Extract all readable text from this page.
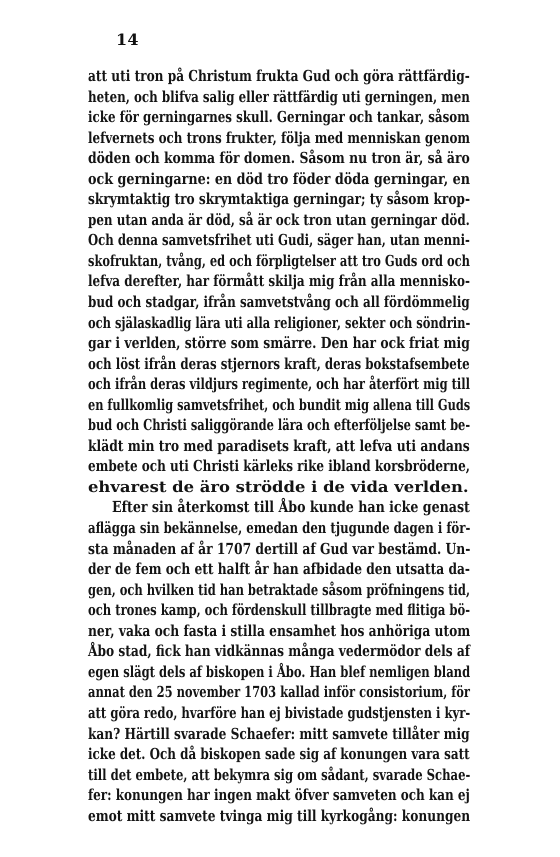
14
att uti tron på Christum frukta Gud och göra rättfärdig-
heten, och blifva salig eller rättfärdig uti gerningen, men
icke för gerningarnes skull. Gerningar och tankar, såsom
lefvernets och trons frukter, följa med menniskan genom
döden och komma för domen. Såsom nu tron är, så äro
ock gerningarne: en död tro föder döda gerningar, en
skrymtaktig tro skrymtaktiga gerningar; ty såsom krop-
pen utan anda är död, så är ock tron utan gerningar död.
Och denna samvetsfrihet uti Gudi, säger han, utan menni-
skofruktan, tvång, ed och förpligtelser att tro Guds ord och
lefva derefter, har förmått skilja mig från alla mennisko-
bud och stadgar, ifrån samvetstvång och all fördömmelig
och själaskadlig lära uti alla religioner, sekter och söndrin-
gar i verlden, större som smärre. Den har ock friat mig
och löst ifrån deras stjernors kraft, deras bokstafsembete
och ifrån deras vildjurs regimente, och har återfört mig till
en fullkomlig samvetsfrihet, och bundit mig allena till Guds
bud och Christi saliggörande lära och efterföljelse samt be-
klädt min tro med paradisets kraft, att lefva uti andans
embete och uti Christi kärleks rike ibland korsbröderne,
ehvarest de äro strödde i de vida verlden.
Efter sin återkomst till Åbo kunde han icke genast
aflägga sin bekännelse, emedan den tjugunde dagen i för-
sta månaden af år 1707 dertill af Gud var bestämd. Un-
der de fem och ett halft år han afbidade den utsatta da-
gen, och hvilken tid han betraktade såsom pröfningens tid,
och trones kamp, och fördenskull tillbragte med flitiga bö-
ner, vaka och fasta i stilla ensamhet hos anhöriga utom
Åbo stad, fick han vidkännas många vedermödor dels af
egen slägt dels af biskopen i Åbo. Han blef nemligen bland
annat den 25 november 1703 kallad inför consistorium, för
att göra redo, hvarföre han ej bivistade gudstjensten i kyr-
kan? Härtill svarade Schaefer: mitt samvete tillåter mig
icke det. Och då biskopen sade sig af konungen vara satt
till det embete, att bekymra sig om sådant, svarade Schae-
fer: konungen har ingen makt öfver samveten och kan ej
emot mitt samvete tvinga mig till kyrkogång: konungen
